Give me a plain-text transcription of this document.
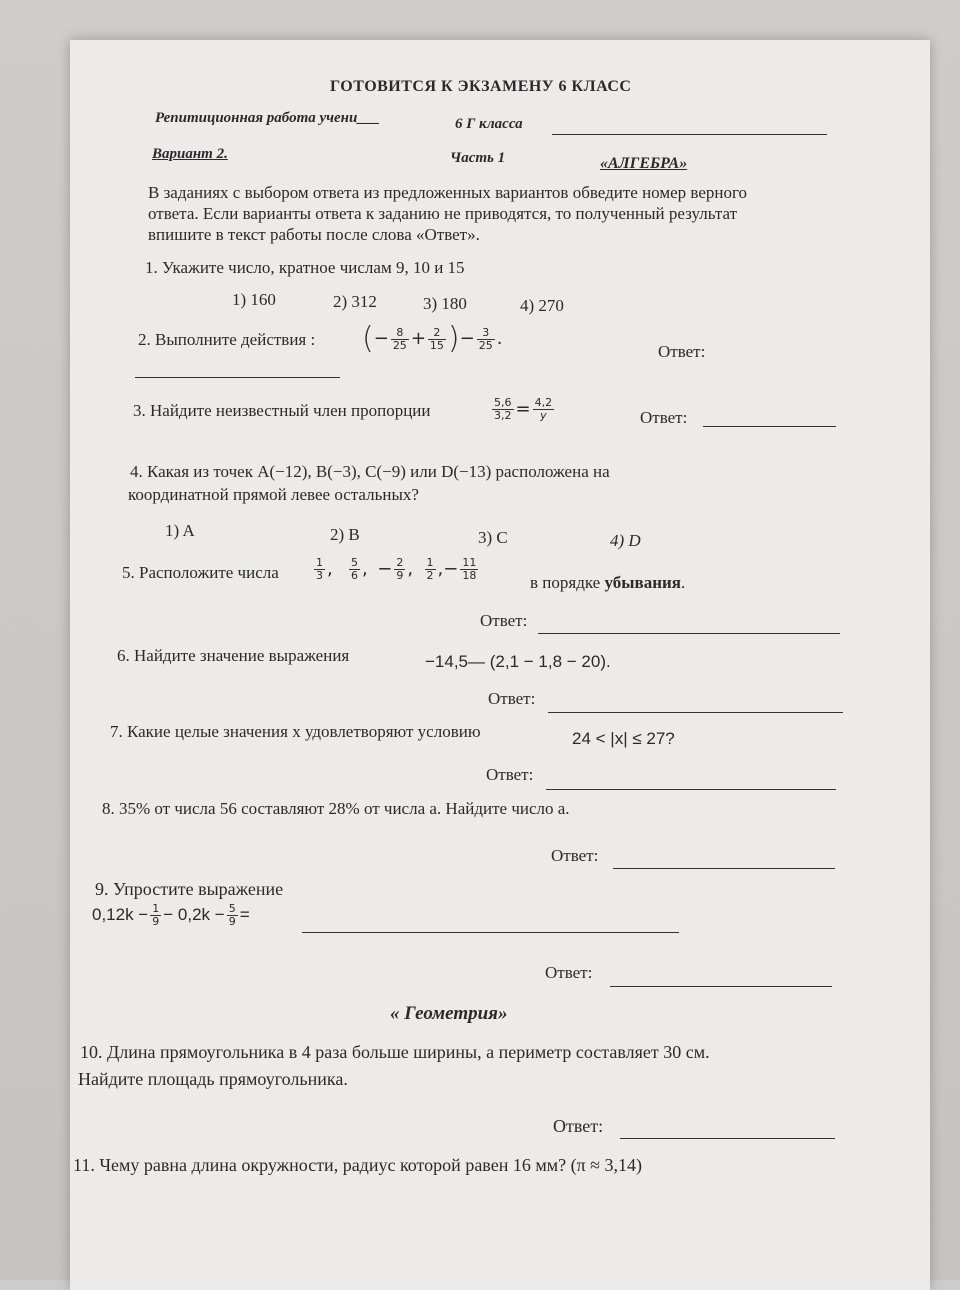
ГОТОВИТСЯ К ЭКЗАМЕНУ 6 КЛАСС
Репитиционная работа учени___	6 Г класса
Вариант 2.	Часть 1	«АЛГЕБРА»
В заданиях с выбором ответа из предложенных вариантов обведите номер верного
ответа. Если варианты ответа к заданию не приводятся, то полученный результат
впишите в текст работы после слова «Ответ».
1. Укажите число, кратное числам 9, 10 и 15
1) 160	2) 312	3) 180	4) 270
2. Выполните действия : (− $\frac{8}{25} + \frac{2}{15}$ )− $\frac{3}{25}$ .
Ответ:
3. Найдите неизвестный член пропорции	$\frac{5,6}{3,2} = \frac{4,2}{y}$	Ответ:
4. Какая из точек A(−12), B(−3), C(−9) или D(−13) расположена на
координатной прямой левее остальных?
1) A	2) B	3) C	4) D
5. Расположите числа	$\frac{1}{3}$ , $\frac{5}{6}$ , − $\frac{2}{9}$ , $\frac{1}{2}$ ,− $\frac{11}{18}$
в порядке убывания.
Ответ:
6. Найдите значение выражения	−14,5— (2,1 − 1,8 − 20).
Ответ:
7. Какие целые значения x удовлетворяют условию	24 < |x| ≤ 27?
Ответ:
8. 35% от числа 56 составляют 28% от числа a. Найдите число a.
Ответ:
9. Упростите выражение
$0,12k - \frac{1}{9} - 0,2k - \frac{5}{9}$ =
Ответ:
« Геометрия»
10. Длина прямоугольника в 4 раза больше ширины, а периметр составляет 30 см.
Найдите площадь прямоугольника.
Ответ:
11. Чему равна длина окружности, радиус которой равен 16 мм? (π ≈ 3,14)
